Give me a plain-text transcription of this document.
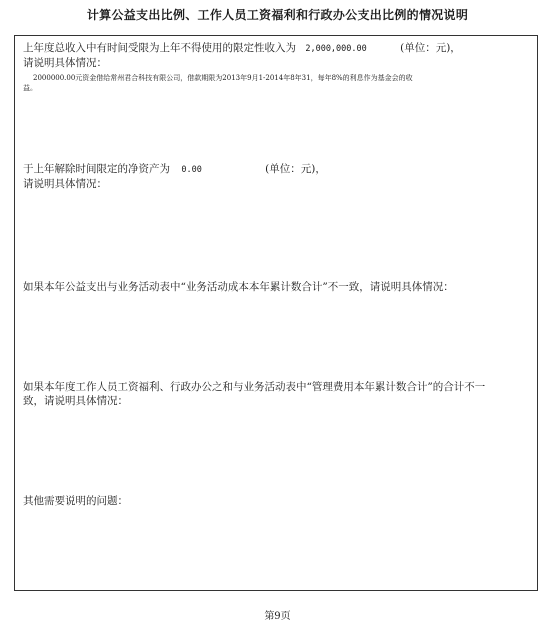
计算公益支出比例、工作人员工资福利和行政办公支出比例的情况说明
上年度总收入中有时间受限为上年不得使用的限定性收入为 2,000,000.00	(单位：元)，
请说明具体情况：
2000000.00元资金借给常州君合科技有限公司，借款期限为2013年9月1-2014年8年31，每年8%的利息作为基金会的收
益。
于上年解除时间限定的净资产为 0.00	(单位：元)，
请说明具体情况：
如果本年公益支出与业务活动表中“业务活动成本本年累计数合计”不一致，请说明具体情况：
如果本年度工作人员工资福利、行政办公之和与业务活动表中“管理费用本年累计数合计”的合计不一
致，请说明具体情况：
其他需要说明的问题：
第9页
